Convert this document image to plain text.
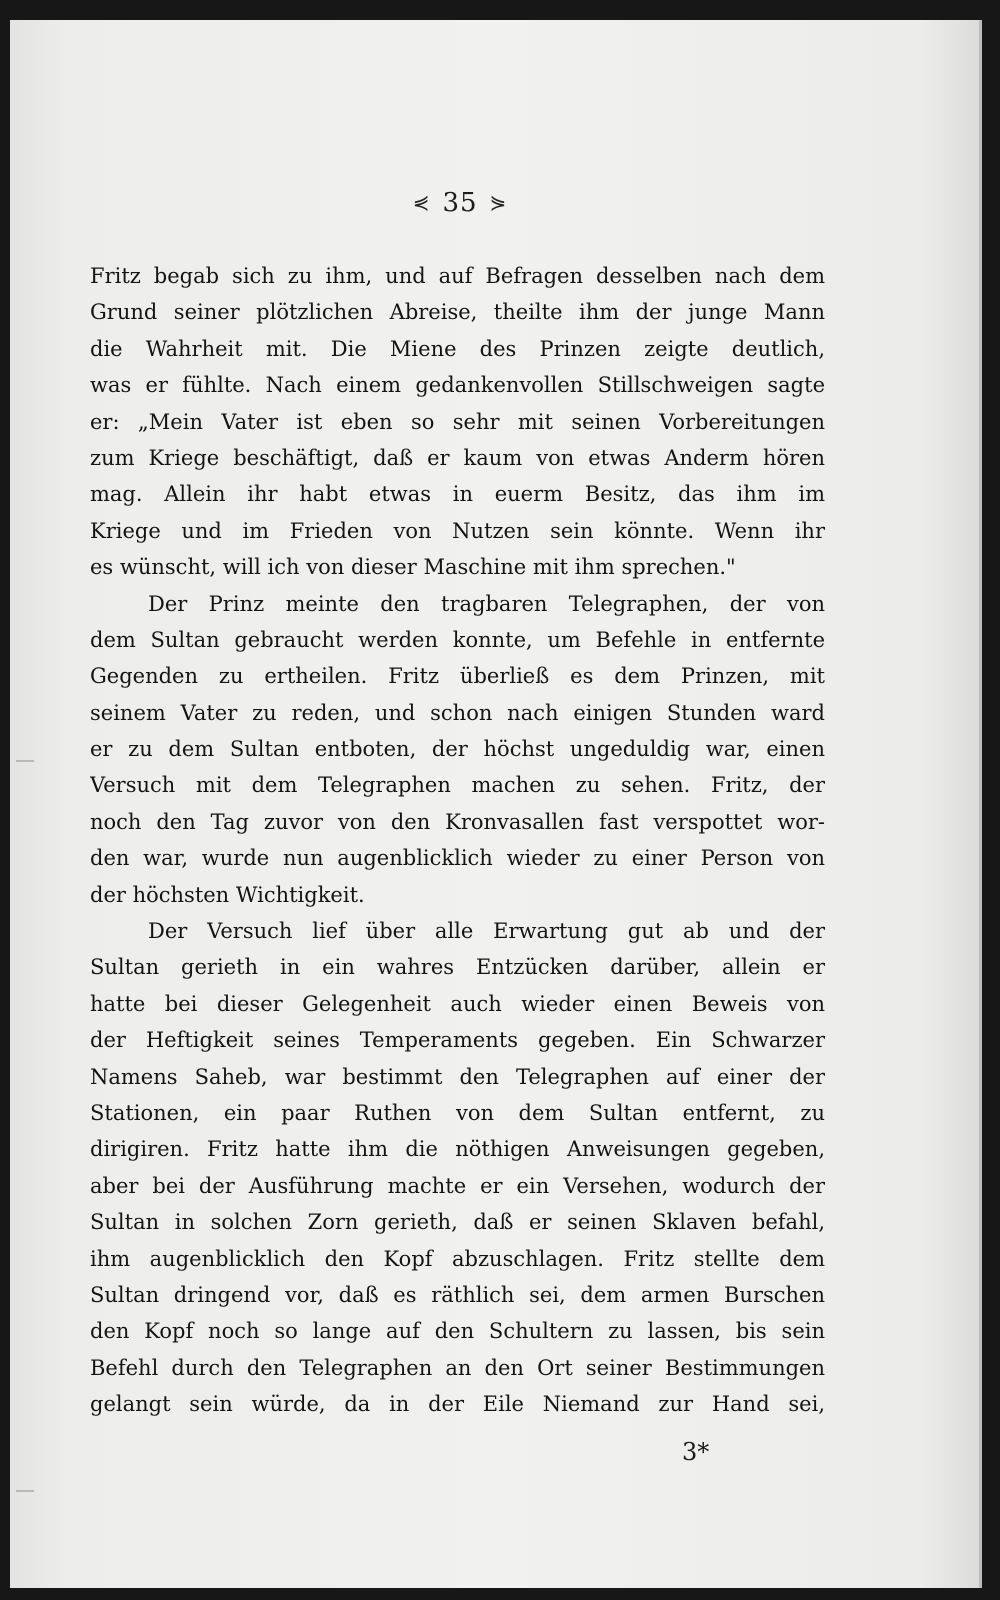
⋞ 35 ⋟
Fritz begab sich zu ihm, und auf Befragen desselben nach dem
Grund seiner plötzlichen Abreise, theilte ihm der junge Mann
die Wahrheit mit. Die Miene des Prinzen zeigte deutlich,
was er fühlte. Nach einem gedankenvollen Stillschweigen sagte
er: „Mein Vater ist eben so sehr mit seinen Vorbereitungen
zum Kriege beschäftigt, daß er kaum von etwas Anderm hören
mag. Allein ihr habt etwas in euerm Besitz, das ihm im
Kriege und im Frieden von Nutzen sein könnte. Wenn ihr
es wünscht, will ich von dieser Maschine mit ihm sprechen."
Der Prinz meinte den tragbaren Telegraphen, der von
dem Sultan gebraucht werden konnte, um Befehle in entfernte
Gegenden zu ertheilen. Fritz überließ es dem Prinzen, mit
seinem Vater zu reden, und schon nach einigen Stunden ward
er zu dem Sultan entboten, der höchst ungeduldig war, einen
Versuch mit dem Telegraphen machen zu sehen. Fritz, der
noch den Tag zuvor von den Kronvasallen fast verspottet wor-
den war, wurde nun augenblicklich wieder zu einer Person von
der höchsten Wichtigkeit.
Der Versuch lief über alle Erwartung gut ab und der
Sultan gerieth in ein wahres Entzücken darüber, allein er
hatte bei dieser Gelegenheit auch wieder einen Beweis von
der Heftigkeit seines Temperaments gegeben. Ein Schwarzer
Namens Saheb, war bestimmt den Telegraphen auf einer der
Stationen, ein paar Ruthen von dem Sultan entfernt, zu
dirigiren. Fritz hatte ihm die nöthigen Anweisungen gegeben,
aber bei der Ausführung machte er ein Versehen, wodurch der
Sultan in solchen Zorn gerieth, daß er seinen Sklaven befahl,
ihm augenblicklich den Kopf abzuschlagen. Fritz stellte dem
Sultan dringend vor, daß es räthlich sei, dem armen Burschen
den Kopf noch so lange auf den Schultern zu lassen, bis sein
Befehl durch den Telegraphen an den Ort seiner Bestimmungen
gelangt sein würde, da in der Eile Niemand zur Hand sei,
3*
